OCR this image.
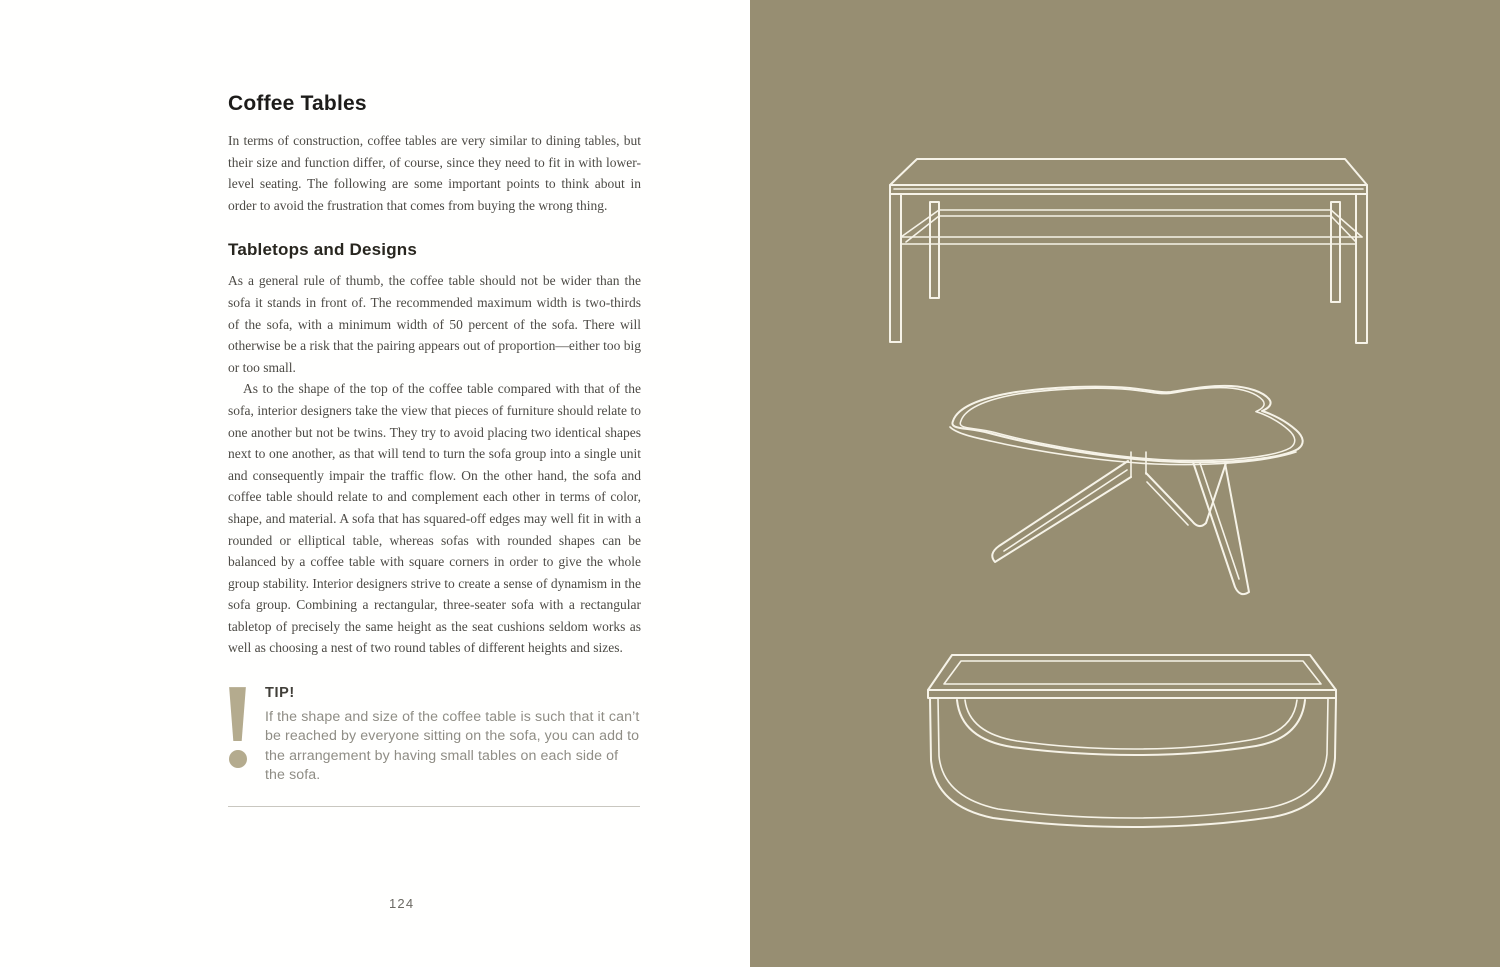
Coffee Tables

In terms of construction, coffee tables are very similar to dining tables, but their size and function differ, of course, since they need to fit in with lower-level seating. The following are some important points to think about in order to avoid the frustration that comes from buying the wrong thing.

Tabletops and Designs

As a general rule of thumb, the coffee table should not be wider than the sofa it stands in front of. The recommended maximum width is two-thirds of the sofa, with a minimum width of 50 percent of the sofa. There will otherwise be a risk that the pairing appears out of proportion—either too big or too small.

As to the shape of the top of the coffee table compared with that of the sofa, interior designers take the view that pieces of furniture should relate to one another but not be twins. They try to avoid placing two identical shapes next to one another, as that will tend to turn the sofa group into a single unit and consequently impair the traffic flow. On the other hand, the sofa and coffee table should relate to and complement each other in terms of color, shape, and material. A sofa that has squared-off edges may well fit in with a rounded or elliptical table, whereas sofas with rounded shapes can be balanced by a coffee table with square corners in order to give the whole group stability. Interior designers strive to create a sense of dynamism in the sofa group. Combining a rectangular, three-seater sofa with a rectangular tabletop of precisely the same height as the seat cushions seldom works as well as choosing a nest of two round tables of different heights and sizes.

TIP!

If the shape and size of the coffee table is such that it can’t be reached by everyone sitting on the sofa, you can add to the arrangement by having small tables on each side of the sofa.

124
